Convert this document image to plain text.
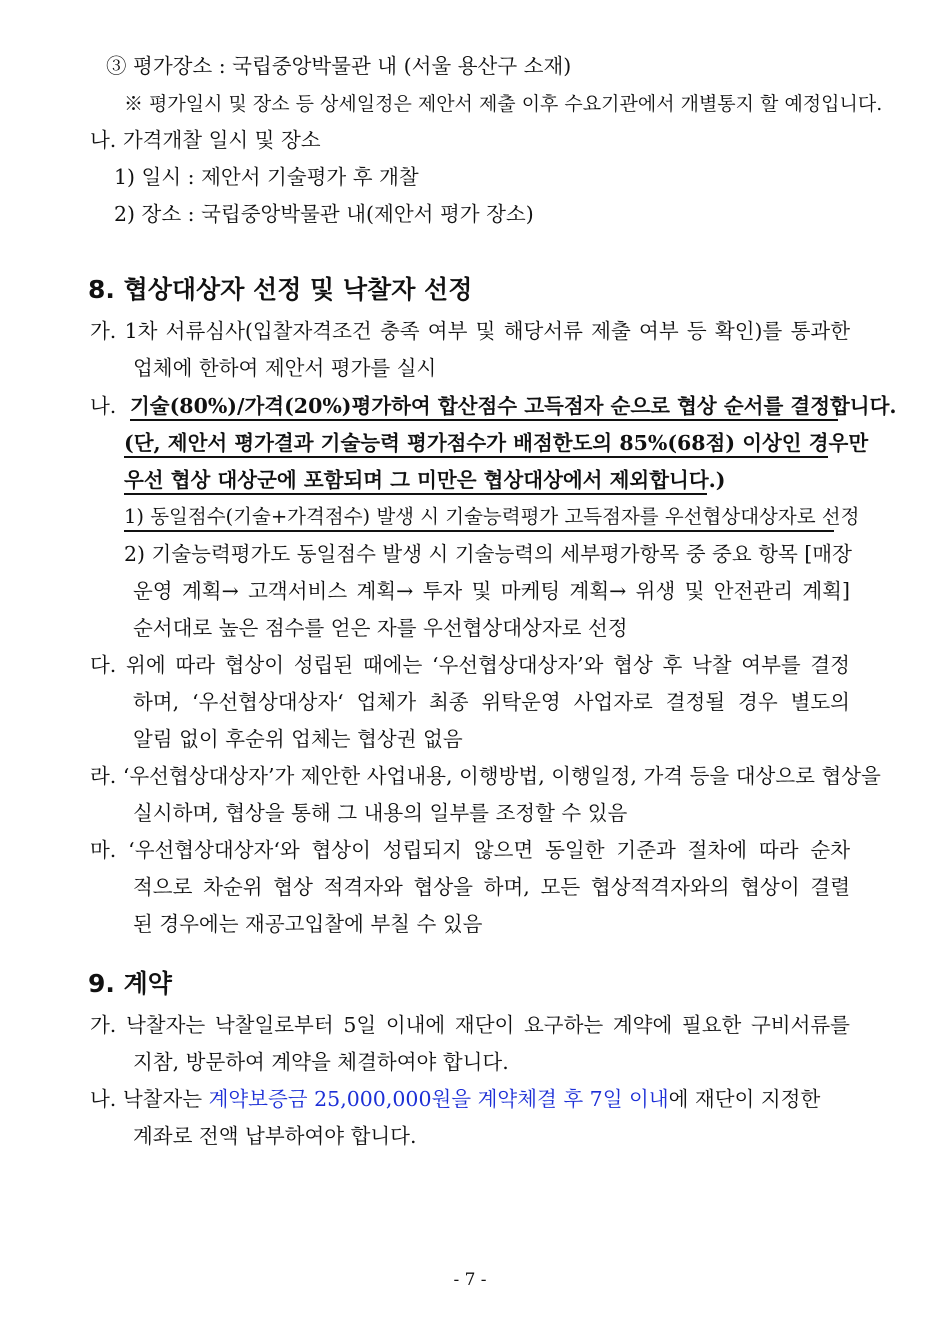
③ 평가장소 : 국립중앙박물관 내 (서울 용산구 소재)
※ 평가일시 및 장소 등 상세일정은 제안서 제출 이후 수요기관에서 개별통지 할 예정입니다.
나. 가격개찰 일시 및 장소
1) 일시 : 제안서 기술평가 후 개찰
2) 장소 : 국립중앙박물관 내(제안서 평가 장소)
8. 협상대상자 선정 및 낙찰자 선정
가. 1차 서류심사(입찰자격조건 충족 여부 및 해당서류 제출 여부 등 확인)를 통과한
업체에 한하여 제안서 평가를 실시
나. 기술(80%)/가격(20%)평가하여 합산점수 고득점자 순으로 협상 순서를 결정합니다.
(단, 제안서 평가결과 기술능력 평가점수가 배점한도의 85%(68점) 이상인 경우만
우선 협상 대상군에 포함되며 그 미만은 협상대상에서 제외합니다.)
1) 동일점수(기술+가격점수) 발생 시 기술능력평가 고득점자를 우선협상대상자로 선정
2) 기술능력평가도 동일점수 발생 시 기술능력의 세부평가항목 중 중요 항목 [매장
운영 계획→ 고객서비스 계획→ 투자 및 마케팅 계획→ 위생 및 안전관리 계획]
순서대로 높은 점수를 얻은 자를 우선협상대상자로 선정
다. 위에 따라 협상이 성립된 때에는 ‘우선협상대상자’와 협상 후 낙찰 여부를 결정
하며, ‘우선협상대상자‘ 업체가 최종 위탁운영 사업자로 결정될 경우 별도의
알림 없이 후순위 업체는 협상권 없음
라. ‘우선협상대상자’가 제안한 사업내용, 이행방법, 이행일정, 가격 등을 대상으로 협상을
실시하며, 협상을 통해 그 내용의 일부를 조정할 수 있음
마. ‘우선협상대상자‘와 협상이 성립되지 않으면 동일한 기준과 절차에 따라 순차
적으로 차순위 협상 적격자와 협상을 하며, 모든 협상적격자와의 협상이 결렬
된 경우에는 재공고입찰에 부칠 수 있음
9. 계약
가. 낙찰자는 낙찰일로부터 5일 이내에 재단이 요구하는 계약에 필요한 구비서류를
지참, 방문하여 계약을 체결하여야 합니다.
나. 낙찰자는 계약보증금 25,000,000원을 계약체결 후 7일 이내에 재단이 지정한
계좌로 전액 납부하여야 합니다.
- 7 -
